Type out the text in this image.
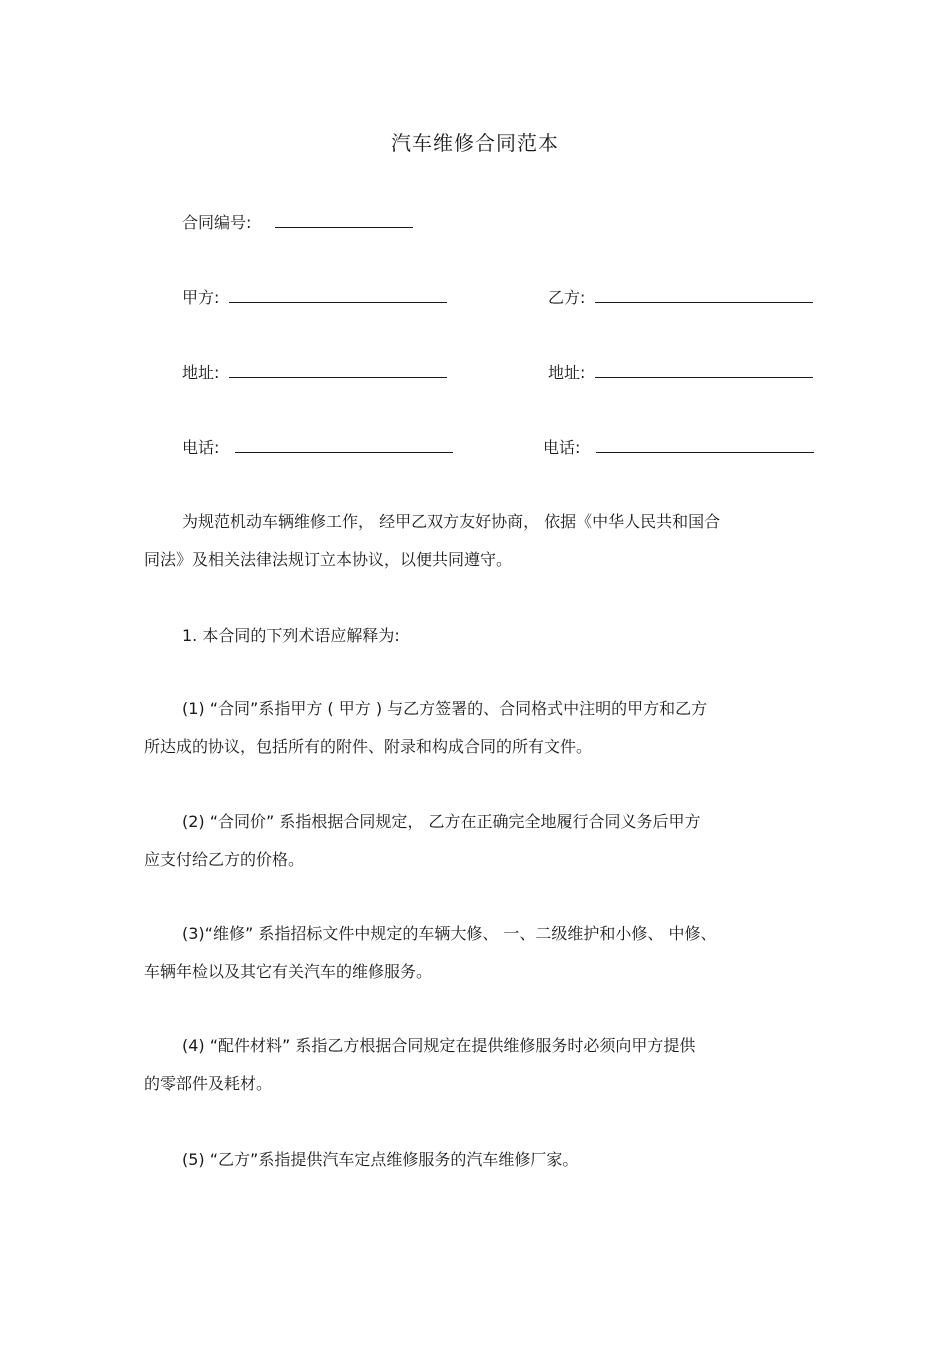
汽车维修合同范本
合同编号:
甲方:	乙方:
地址:	地址:
电话:	电话:
为规范机动车辆维修工作， 经甲乙双方友好协商， 依据《中华人民共和国合
同法》及相关法律法规订立本协议，以便共同遵守。
1. 本合同的下列术语应解释为:
(1) “合同”系指甲方 ( 甲方 ) 与乙方签署的、合同格式中注明的甲方和乙方
所达成的协议，包括所有的附件、附录和构成合同的所有文件。
(2) “合同价” 系指根据合同规定， 乙方在正确完全地履行合同义务后甲方
应支付给乙方的价格。
(3)“维修” 系指招标文件中规定的车辆大修、 一、二级维护和小修、 中修、
车辆年检以及其它有关汽车的维修服务。
(4) “配件材料” 系指乙方根据合同规定在提供维修服务时必须向甲方提供
的零部件及耗材。
(5) “乙方”系指提供汽车定点维修服务的汽车维修厂家。
